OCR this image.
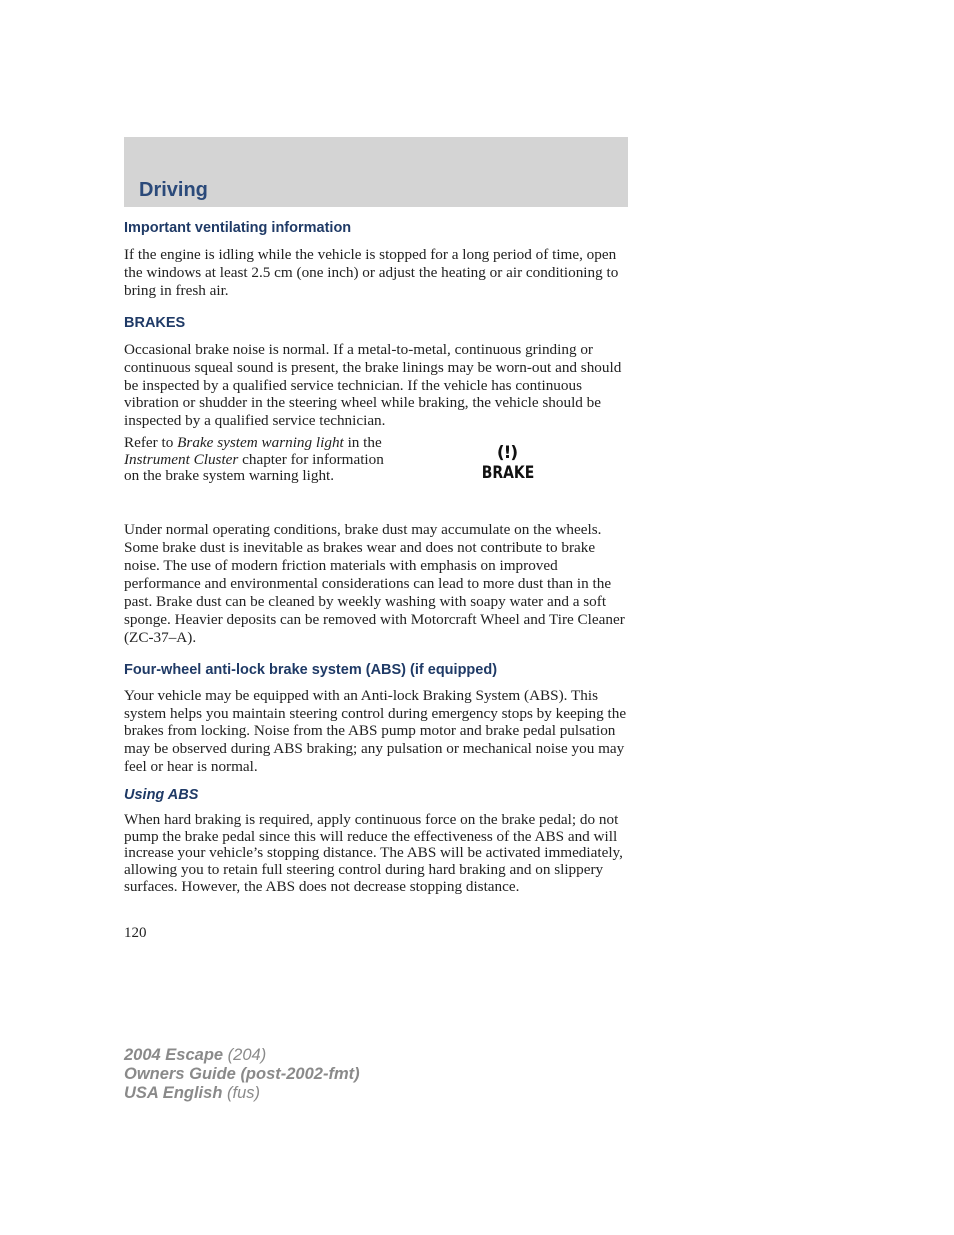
Driving
Important ventilating information

If the engine is idling while the vehicle is stopped for a long period of time, open the windows at least 2.5 cm (one inch) or adjust the heating or air conditioning to bring in fresh air.

BRAKES

Occasional brake noise is normal. If a metal-to-metal, continuous grinding or continuous squeal sound is present, the brake linings may be worn-out and should be inspected by a qualified service technician. If the vehicle has continuous vibration or shudder in the steering wheel while braking, the vehicle should be inspected by a qualified service technician.

Refer to Brake system warning light in the Instrument Cluster chapter for information on the brake system warning light.

(!)
BRAKE

Under normal operating conditions, brake dust may accumulate on the wheels. Some brake dust is inevitable as brakes wear and does not contribute to brake noise. The use of modern friction materials with emphasis on improved performance and environmental considerations can lead to more dust than in the past. Brake dust can be cleaned by weekly washing with soapy water and a soft sponge. Heavier deposits can be removed with Motorcraft Wheel and Tire Cleaner (ZC-37–A).

Four-wheel anti-lock brake system (ABS) (if equipped)

Your vehicle may be equipped with an Anti-lock Braking System (ABS). This system helps you maintain steering control during emergency stops by keeping the brakes from locking. Noise from the ABS pump motor and brake pedal pulsation may be observed during ABS braking; any pulsation or mechanical noise you may feel or hear is normal.

Using ABS

When hard braking is required, apply continuous force on the brake pedal; do not pump the brake pedal since this will reduce the effectiveness of the ABS and will increase your vehicle’s stopping distance. The ABS will be activated immediately, allowing you to retain full steering control during hard braking and on slippery surfaces. However, the ABS does not decrease stopping distance.

120
2004 Escape (204)
Owners Guide (post-2002-fmt)
USA English (fus)
